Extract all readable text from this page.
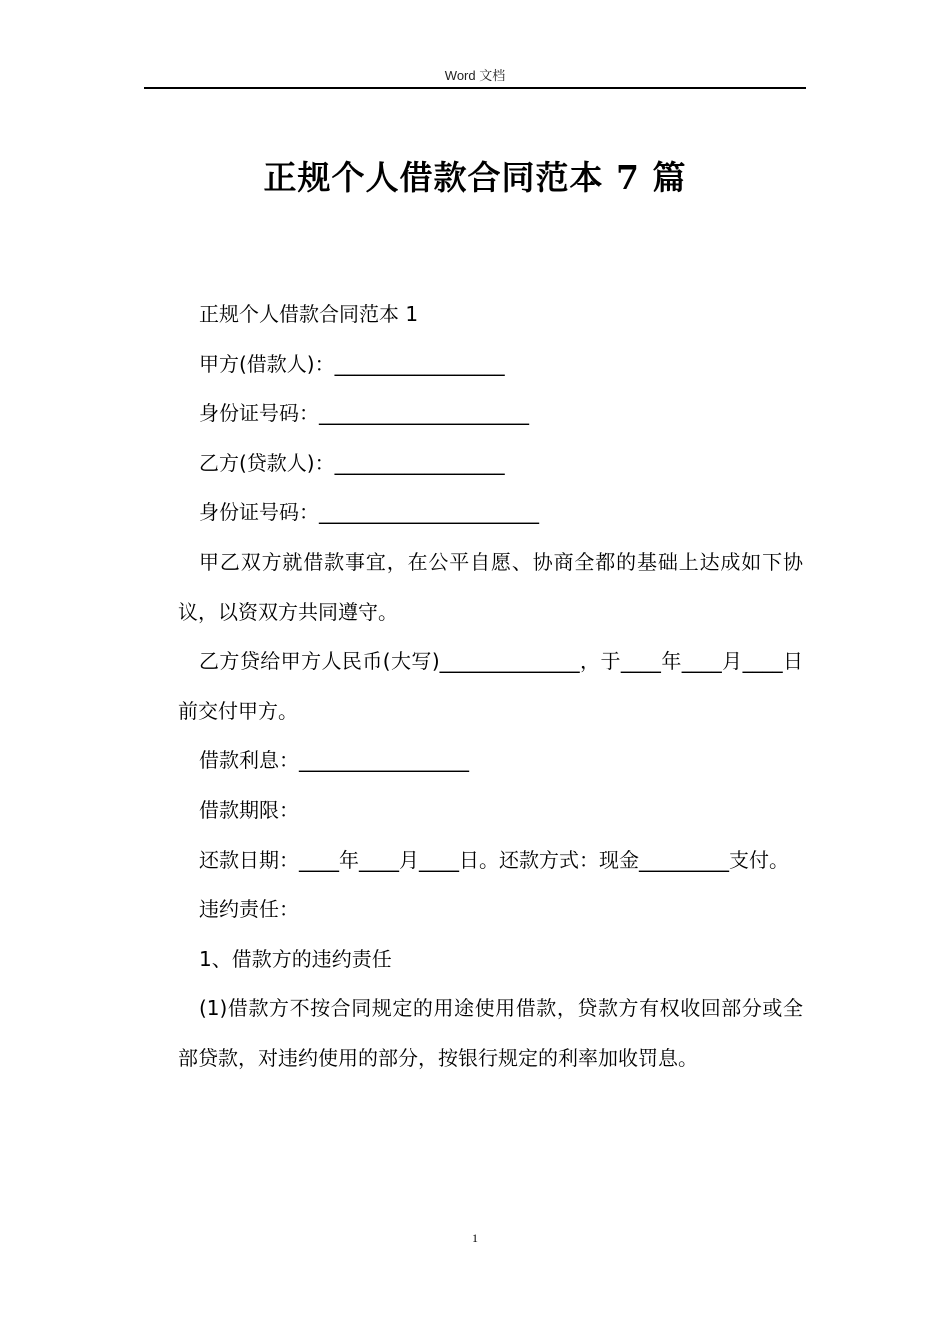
Word 文档
正规个人借款合同范本 7 篇

正规个人借款合同范本 1

甲方(借款人)：_________________

身份证号码：_____________________

乙方(贷款人)：_________________

身份证号码：______________________

甲乙双方就借款事宜，在公平自愿、协商全都的基础上达成如下协议，以资双方共同遵守。

乙方贷给甲方人民币(大写)______________，于____年____月____日前交付甲方。

借款利息：_________________

借款期限：

还款日期：____年____月____日。还款方式：现金_________支付。

违约责任：

1、借款方的违约责任

(1)借款方不按合同规定的用途使用借款，贷款方有权收回部分或全部贷款，对违约使用的部分，按银行规定的利率加收罚息。

1
